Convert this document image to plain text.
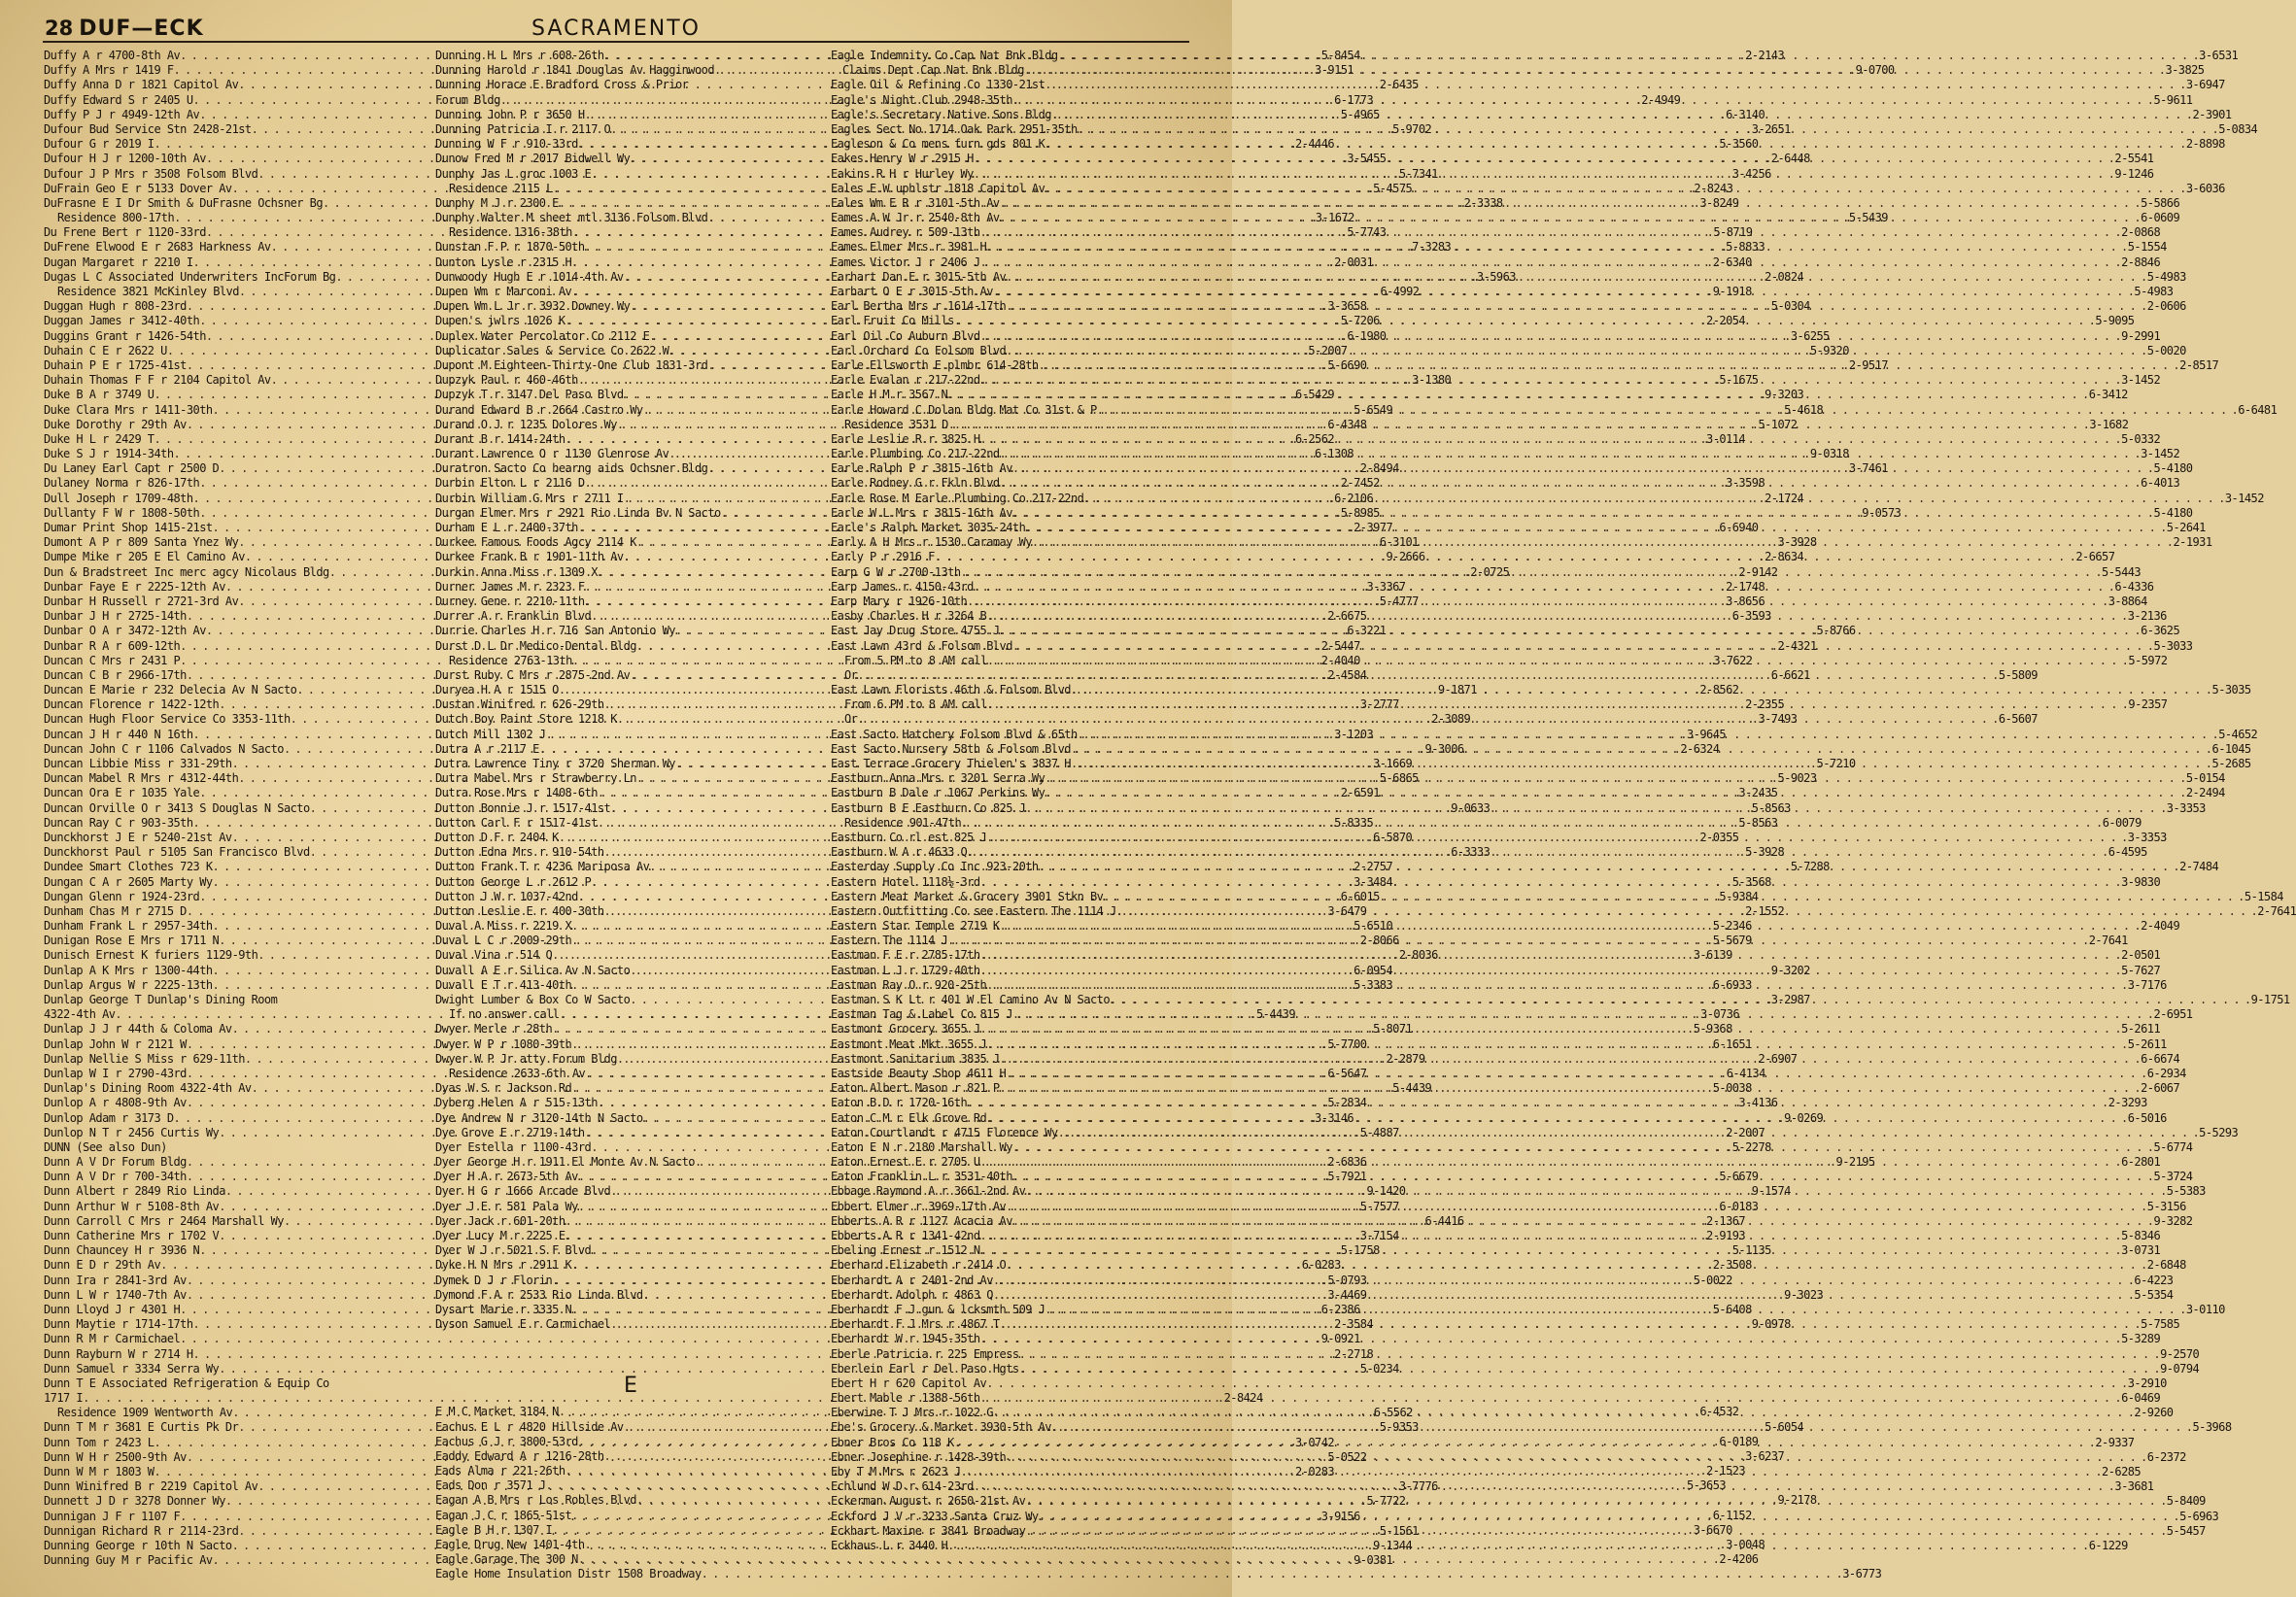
28 DUF—ECK	SACRAMENTO
Duffy A r 4700-8th Av . . .	5-8454
Duffy A Mrs r 1419 F . . .	3-9151
Duffy Anna D r 1821 Capitol Av . . .	2-6435
Duffy Edward S r 2405 U . . .	6-1773
Duffy P J r 4949-12th Av . . .	5-4965
Dufour Bud Service Stn 2428-21st . . .	5-9702
Dufour G r 2019 I . . .	2-4446
Dufour H J r 1200-10th Av . . .	3-5455
Dufour J P Mrs r 3508 Folsom Blvd . . .	5-7341
DuFrain Geo E r 5133 Dover Av . . .	5-4575
DuFrasne E I Dr Smith & DuFrasne Ochsner Bg . . .	2-3338
Residence 800-17th . . .	3-1672
Du Frene Bert r 1120-33rd . . .	5-7743
DuFrene Elwood E r 2683 Harkness Av . . .	7-3283
Dugan Margaret r 2210 I . . .	2-0031
Dugas L C Associated Underwriters IncForum Bg . . .	3-5963
Residence 3821 McKinley Blvd . . .	6-4992
Duggan Hugh r 808-23rd . . .	3-3658
Duggan James r 3412-40th . . .	5-7206
Duggins Grant r 1426-54th . . .	6-1980
Duhain C E r 2622 U . . .	5-2007
Duhain P E r 1725-41st . . .	5-6690
Duhain Thomas F F r 2104 Capitol Av . . .	3-1380
Duke B A r 3749 U . . .	6-5429
Duke Clara Mrs r 1411-30th . . .	5-6549
Duke Dorothy r 29th Av . . .	6-4348
Duke H L r 2429 T . . .	6-2562
Duke S J r 1914-34th . . .	6-1308
Du Laney Earl Capt r 2500 D . . .	2-8494
Dulaney Norma r 826-17th . . .	2-7452
Dull Joseph r 1709-48th . . .	6-2106
Dullanty F W r 1808-50th . . .	5-8985
Dumar Print Shop 1415-21st . . .	2-3977
Dumont A P r 809 Santa Ynez Wy . . .	6-3101
Dumpe Mike r 205 E El Camino Av . . .	9-2666
Dun & Bradstreet Inc merc agcy Nicolaus Bldg . . .	2-0725
Dunbar Faye E r 2225-12th Av . . .	3-3367
Dunbar H Russell r 2721-3rd Av . . .	5-4777
Dunbar J H r 2725-14th . . .	2-6675
Dunbar O A r 3472-12th Av . . .	6-3221
Dunbar R A r 609-12th . . .	2-5447
Duncan C Mrs r 2431 P . . .	2-4040
Duncan C B r 2966-17th . . .	2-4584
Duncan E Marie r 232 Delecia Av N Sacto . . .	9-1871
Duncan Florence r 1422-12th . . .	3-2777
Duncan Hugh Floor Service Co 3353-11th . . .	2-3089
Duncan J H r 440 N 16th . . .	3-1203
Duncan John C r 1106 Calvados N Sacto . . .	9-3006
Duncan Libbie Miss r 331-29th . . .	3-1669
Duncan Mabel R Mrs r 4312-44th . . .	5-6865
Duncan Ora E r 1035 Yale . . .	2-6591
Duncan Orville O r 3413 S Douglas N Sacto . . .	9-0633
Duncan Ray C r 903-35th . . .	5-8335
Dunckhorst J E r 5240-21st Av . . .	6-5870
Dunckhorst Paul r 5105 San Francisco Blvd . . .	6-3333
Dundee Smart Clothes 723 K . . .	2-2757
Dungan C A r 2605 Marty Wy . . .	3-3484
Dungan Glenn r 1924-23rd . . .	6-6015
Dunham Chas M r 2715 D . . .	3-6479
Dunham Frank L r 2957-34th . . .	5-6510
Dunigan Rose E Mrs r 1711 N . . .	2-8066
Dunisch Ernest K furiers 1129-9th . . .	2-8036
Dunlap A K Mrs r 1300-44th . . .	6-0954
Dunlap Argus W r 2225-13th . . .	5-3383
Dunlap George T Dunlap's Dining Room
4322-4th Av . . .	5-4439
Dunlap J J r 44th & Coloma Av . . .	5-8071
Dunlap John W r 2121 W . . .	5-7700
Dunlap Nellie S Miss r 629-11th . . .	2-2879
Dunlap W I r 2790-43rd . . .	6-5647
Dunlap's Dining Room 4322-4th Av . . .	5-4439
Dunlop A r 4808-9th Av . . .	5-2834
Dunlop Adam r 3173 D . . .	3-3146
Dunlop N T r 2456 Curtis Wy . . .	5-4887
DUNN (See also Dun)
Dunn A V Dr Forum Bldg . . .	2-6836
Dunn A V Dr r 700-34th . . .	5-7921
Dunn Albert r 2849 Rio Linda . . .	9-1420
Dunn Arthur W r 5108-8th Av . . .	5-7577
Dunn Carroll C Mrs r 2464 Marshall Wy . . .	6-4416
Dunn Catherine Mrs r 1702 V . . .	3-7154
Dunn Chauncey H r 3936 N . . .	5-1758
Dunn E D r 29th Av . . .	6-0283
Dunn Ira r 2841-3rd Av . . .	5-0793
Dunn L W r 1740-7th Av . . .	3-4469
Dunn Lloyd J r 4301 H . . .	6-2386
Dunn Maytie r 1714-17th . . .	2-3584
Dunn R M r Carmichael . . .	9-0921
Dunn Rayburn W r 2714 H . . .	2-2718
Dunn Samuel r 3334 Serra Wy . . .	5-0234
Dunn T E Associated Refrigeration & Equip Co
1717 I . . .	2-8424
Residence 1909 Wentworth Av . . .	6-5562
Dunn T M r 3681 E Curtis Pk Dr . . .	5-9353
Dunn Tom r 2423 L . . .	3-0742
Dunn W H r 2500-9th Av . . .	5-0522
Dunn W M r 1803 W . . .	2-0283
Dunn Winifred B r 2219 Capitol Av . . .	3-7776
Dunnett J D r 3278 Donner Wy . . .	5-7722
Dunnigan J F r 1107 F . . .	3-9156
Dunnigan Richard R r 2114-23rd . . .	5-1561
Dunning George r 10th N Sacto . . .	9-1344
Dunning Guy M r Pacific Av . . .	9-0381
Dunning H L Mrs r 608-26th . . .	2-2143
Dunning Harold r 1841 Douglas Av Hagginwood . . .	9-0700
Dunning Horace E Bradford Cross & Prior
Forum Bldg . . .	2-4949
Dunning John P r 3650 H . . .	6-3140
Dunning Patricia I r 2117 O . . .	3-2651
Dunning W F r 910-33rd . . .	5-3560
Dunow Fred M r 2017 Bidwell Wy . . .	2-6448
Dunphy Jas L groc 1003 E . . .	3-4256
Residence 2115 L . . .	2-8243
Dunphy M J r 2300 E . . .	3-8249
Dunphy Walter M sheet mtl 3136 Folsom Blvd . . .	5-5439
Residence 1316-38th . . .	5-8719
Dunstan F P r 1870-50th . . .	5-8833
Dunton Lysle r 2315 H . . .	2-6340
Dunwoody Hugh E r 1014-4th Av . . .	2-0824
Dupen Wm r Marconi Av . . .	9-1918
Dupen Wm L Jr r 3932 Downey Wy . . .	5-0304
Dupen's jwlrs 1026 K . . .	2-2054
Duplex Water Percolator Co 2112 E . . .	3-6255
Duplicator Sales & Service Co 2622 W . . .	5-9320
Dupont M Eighteen-Thirty-One Club 1831-3rd . . .	2-9517
Dupzyk Paul r 460-46th . . .	5-1675
Dupzyk T r 3147 Del Paso Blvd . . .	9-3203
Durand Edward B r 2664 Castro Wy . . .	5-4618
Durand O J r 1235 Dolores Wy . . .	5-1072
Durant B r 1414-24th . . .	3-0114
Durant Lawrence O r 1130 Glenrose Av . . .	9-0318
Duratron Sacto Co hearng aids Ochsner Bldg . . .	3-7461
Durbin Elton L r 2116 D . . .	3-3598
Durbin William G Mrs r 2711 I . . .	2-1724
Durgan Elmer Mrs r 2921 Rio Linda Bv N Sacto . . .	9-0573
Durham E L r 2400-37th . . .	6-6940
Durkee Famous Foods Agcy 2114 K . . .	3-3928
Durkee Frank B r 1901-11th Av . . .	2-8634
Durkin Anna Miss r 1309 X . . .	2-9142
Durner James M r 2323 F . . .	2-1748
Durney Gene r 2210-11th . . .	3-8656
Durrer A r Franklin Blvd . . .	6-3593
Durrie Charles H r 716 San Antonio Wy . . .	5-8766
Durst D L Dr Medico-Dental Bldg . . .	2-4321
Residence 2763-13th . . .	3-7622
Durst Ruby C Mrs r 2875-2nd Av . . .	6-6621
Duryea H A r 1515 O . . .	2-8562
Dustan Winifred r 626-29th . . .	2-2355
Dutch Boy Paint Store 1218 K . . .	3-7493
Dutch Mill 1302 J . . .	3-9645
Dutra A r 2117 E . . .	2-6324
Dutra Lawrence Tiny r 3720 Sherman Wy . . .	5-7210
Dutra Mabel Mrs r Strawberry Ln . . .	5-9023
Dutra Rose Mrs r 1408-6th . . .	3-2435
Dutton Bonnie J r 1517-41st . . .	5-8563
Dutton Carl F r 1517-41st . . .	5-8563
Dutton D F r 2404 K . . .	2-0355
Dutton Edna Mrs r 910-54th . . .	5-3928
Dutton Frank T r 4236 Mariposa Av . . .	5-7288
Dutton George L r 2612 P . . .	5-3568
Dutton J W r 1037-42nd . . .	5-9384
Dutton Leslie E r 400-30th . . .	2-1552
Duval A Miss r 2219 X . . .	5-2346
Duval L C r 2009-29th . . .	5-5679
Duval Vina r 514 Q . . .	3-6139
Duvall A E r Silica Av N Sacto . . .	9-3202
Duvall E T r 413-40th . . .	6-6933
Dwight Lumber & Box Co W Sacto . . .	3-2987
If no answer call . . .	3-0736
Dwyer Merle r 28th . . .	5-9368
Dwyer W P r 1080-39th . . .	6-1651
Dwyer W P Jr atty Forum Bldg . . .	2-6907
Residence 2633-6th Av . . .	6-4134
Dyas W S r Jackson Rd . . .	5-0038
Dyberg Helen A r 515-13th . . .	3-4136
Dye Andrew N r 3120-14th N Sacto . . .	9-0269
Dye Grove E r 2719-14th . . .	2-2007
Dyer Estella r 1100-43rd . . .	5-2278
Dyer George H r 1911 El Monte Av N Sacto . . .	9-2195
Dyer H A r 2673-5th Av . . .	5-6679
Dyer H G r 1666 Arcade Blvd . . .	9-1574
Dyer J E r 581 Pala Wy . . .	6-0183
Dyer Jack r 601-20th . . .	2-1367
Dyer Lucy M r 2225 E . . .	2-9193
Dyer W J r 5021 S F Blvd . . .	5-1135
Dyke H N Mrs r 2911 K . . .	2-3508
Dymek D J r Florin . . .	5-0022
Dymond F A r 2533 Rio Linda Blvd . . .	9-3023
Dysart Marie r 3335 N . . .	5-6408
Dyson Samuel E r Carmichael . . .	9-0978
E
E M C Market 3184 N . . .	6-4532
Eachus E L r 4820 Hillside Av . . .	5-6054
Eachus G J r 3800-53rd . . .	6-0189
Eaddy Edward A r 1216-28th . . .	3-6237
Eads Alma r 221-26th . . .	2-1523
Eads Don r 3571 J . . .	5-3653
Eagan A B Mrs r Los Robles Blvd . . .	9-2178
Eagan J C r 1865-51st . . .	6-1152
Eagle B H r 1307 I . . .	3-6670
Eagle Drug New 1401-4th . . .	3-0048
Eagle Garage The 300 N . . .	2-4206
Eagle Home Insulation Distr 1508 Broadway . . .	3-6773
Eagle Indemnity Co Cap Nat Bnk Bldg . . .	3-6531
Claims Dept Cap Nat Bnk Bldg . . .	3-3825
Eagle Oil & Refining Co 1330-21st . . .	3-6947
Eagle's Night Club 2948-35th . . .	5-9611
Eagle's Secretary Native Sons Bldg . . .	2-3901
Eagles Sect No 1714 Oak Park 2951-35th . . .	5-0834
Eagleson & Co mens furn gds 801 K . . .	2-8898
Eakes Henry W r 2915 H . . .	2-5541
Eakins R H r Hurley Wy . . .	9-1246
Eales E W uphlstr 1818 Capitol Av . . .	3-6036
Eales Wm E R r 3101-5th Av . . .	5-5866
Eames A W Jr r 2540-8th Av . . .	6-0609
Eames Audrey r 509-13th . . .	2-0868
Eames Elmer Mrs r 3981 H . . .	5-1554
Eames Victor J r 2406 J . . .	2-8846
Earhart Dan E r 3015-5th Av . . .	5-4983
Earhart O E r 3015-5th Av . . .	5-4983
Earl Bertha Mrs r 1614-17th . . .	2-0606
Earl Fruit Co Mills . . .	5-9095
Earl Oil Co Auburn Blvd . . .	9-2991
Earl Orchard Co Folsom Blvd . . .	5-0020
Earle Ellsworth E plmbr 614-28th . . .	2-8517
Earle Evalan r 217-22nd . . .	3-1452
Earle H M r 3567 N . . .	6-3412
Earle Howard C Dolan Bldg Mat Co 31st & P . . .	6-6481
Residence 3531 D . . .	3-1682
Earle Leslie R r 3825 H . . .	5-0332
Earle Plumbing Co 217-22nd . . .	3-1452
Earle Ralph P r 3815-16th Av . . .	5-4180
Earle Rodney G r Fkln Blvd . . .	6-4013
Earle Rose M Earle Plumbing Co 217-22nd . . .	3-1452
Earle W L Mrs r 3815-16th Av . . .	5-4180
Earle's Ralph Market 3035-24th . . .	5-2641
Early A H Mrs r 1530 Caramay Wy . . .	2-1931
Early P r 2916 F . . .	2-6657
Earp G W r 2700-13th . . .	5-5443
Earp James r 4150-43rd . . .	6-4336
Earp Mary r 1926-10th . . .	3-8864
Easby Charles H r 3264 B . . .	3-2136
East Jay Drug Store 4755 J . . .	6-3625
East Lawn 43rd & Folsom Blvd . . .	5-3033
From 5 PM to 8 AM call . . .	5-5972
Or . . .	5-5809
East Lawn Florists 46th & Folsom Blvd . . .	5-3035
From 6 PM to 8 AM call . . .	9-2357
Or . . .	6-5607
East Sacto Hatchery Folsom Blvd & 65th . . .	5-4652
East Sacto Nursery 58th & Folsom Blvd . . .	6-1045
East Terrace Grocery Thielen's 3837 H . . .	5-2685
Eastburn Anna Mrs r 3201 Serra Wy . . .	5-0154
Eastburn B Dale r 1067 Perkins Wy . . .	2-2494
Eastburn B E Eastburn Co 825 J . . .	3-3353
Residence 901-47th . . .	6-0079
Eastburn Co rl est 825 J . . .	3-3353
Eastburn W A r 4633 Q . . .	6-4595
Easterday Supply Co Inc 923-20th . . .	2-7484
Eastern Hotel 1118½-3rd . . .	3-9830
Eastern Meat Market & Grocery 3901 Stkn Bv . . .	5-1584
Eastern Outfitting Co see Eastern The 1114 J . . .	2-7641
Eastern Star Temple 2719 K . . .	2-4049
Eastern The 1114 J . . .	2-7641
Eastman F E r 2785-17th . . .	2-0501
Eastman L J r 1729-40th . . .	5-7627
Eastman Ray O r 920-25th . . .	3-7176
Eastman S K Lt r 401 W El Camino Av N Sacto . . .	9-1751
Eastman Tag & Label Co 815 J . . .	2-6951
Eastmont Grocery 3655 J . . .	5-2611
Eastmont Meat Mkt 3655 J . . .	5-2611
Eastmont Sanitarium 3835 J . . .	6-6674
Eastside Beauty Shop 4611 H . . .	6-2934
Eaton Albert Mason r 821 P . . .	2-6067
Eaton B D r 1720-16th . . .	2-3293
Eaton C M r Elk Grove Rd . . .	6-5016
Eaton Courtlandt r 4715 Florence Wy . . .	5-5293
Eaton E N r 2180 Marshall Wy . . .	5-6774
Eaton Ernest E r 2705 U . . .	6-2801
Eaton Franklin L r 3531-40th . . .	5-3724
Ebbage Raymond A r 3661-2nd Av . . .	5-5383
Ebbert Elmer r 3969-17th Av . . .	5-3156
Ebberts A R r 1127 Acacia Av . . .	9-3282
Ebberts A R r 1341-42nd . . .	5-8346
Ebeling Ernest r 1512 N . . .	3-0731
Eberhard Elizabeth r 2414 O . . .	2-6848
Eberhardt A r 2401-2nd Av . . .	6-4223
Eberhardt Adolph r 4863 Q . . .	5-5354
Eberhardt F J gun & lcksmth 509 J . . .	3-0110
Eberhardt F J Mrs r 4867 T . . .	5-7585
Eberhardt W r 1945-35th . . .	5-3289
Eberle Patricia r 225 Empress . . .	9-2570
Eberlein Earl r Del Paso Hgts . . .	9-0794
Ebert H r 620 Capitol Av . . .	3-2910
Ebert Mable r 1388-56th . . .	6-0469
Eberwine T J Mrs r 1022 G . . .	2-9260
Ebe's Grocery & Market 3930-5th Av . . .	5-3968
Ebner Bros Co 118 K . . .	2-9337
Ebner Josephine r 1428-39th . . .	6-2372
Eby T M Mrs r 2623 J . . .	2-6285
Echlund W D r 614-23rd . . .	3-3681
Eckerman August r 2650-21st Av . . .	5-8409
Eckford J V r 3233 Santa Cruz Wy . . .	5-6963
Eckhart Maxine r 3841 Broadway . . .	5-5457
Eckhaus L r 3440 H . . .	6-1229
